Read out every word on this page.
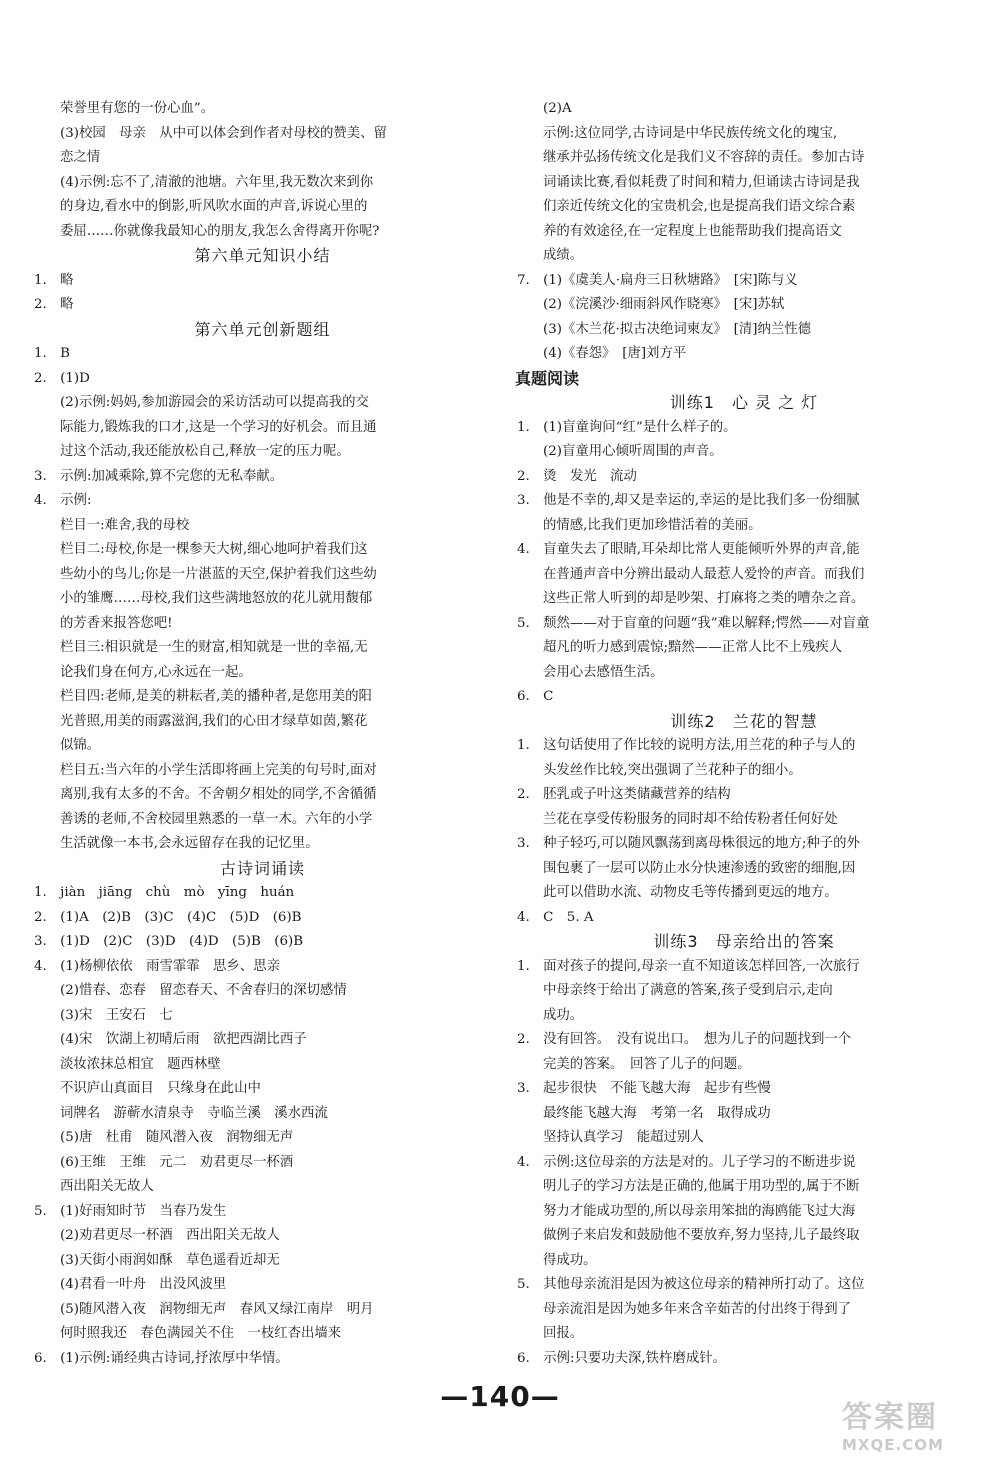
荣誉里有您的一份心血”。
(3)校园　母亲　从中可以体会到作者对母校的赞美、留
恋之情
(4)示例:忘不了,清澈的池塘。六年里,我无数次来到你
的身边,看水中的倒影,听风吹水面的声音,诉说心里的
委屈……你就像我最知心的朋友,我怎么舍得离开你呢?
第六单元知识小结
1.　略
2.　略
第六单元创新题组
1.　B
2.　(1)D
(2)示例:妈妈,参加游园会的采访活动可以提高我的交
际能力,锻炼我的口才,这是一个学习的好机会。而且通
过这个活动,我还能放松自己,释放一定的压力呢。
3.　示例:加减乘除,算不完您的无私奉献。
4.　示例:
栏目一:难舍,我的母校
栏目二:母校,你是一棵参天大树,细心地呵护着我们这
些幼小的鸟儿;你是一片湛蓝的天空,保护着我们这些幼
小的雏鹰……母校,我们这些满地怒放的花儿就用馥郁
的芳香来报答您吧!
栏目三:相识就是一生的财富,相知就是一世的幸福,无
论我们身在何方,心永远在一起。
栏目四:老师,是美的耕耘者,美的播种者,是您用美的阳
光普照,用美的雨露滋润,我们的心田才绿草如茵,繁花
似锦。
栏目五:当六年的小学生活即将画上完美的句号时,面对
离别,我有太多的不舍。不舍朝夕相处的同学,不舍循循
善诱的老师,不舍校园里熟悉的一草一木。六年的小学
生活就像一本书,会永远留存在我的记忆里。
古诗词诵读
1.　jiàn　jiāng　chù　mò　yīng　huán
2.　(1)A　(2)B　(3)C　(4)C　(5)D　(6)B
3.　(1)D　(2)C　(3)D　(4)D　(5)B　(6)B
4.　(1)杨柳依依　雨雪霏霏　思乡、思亲
(2)惜春、恋春　留恋春天、不舍春归的深切感情
(3)宋　王安石　七
(4)宋　饮湖上初晴后雨　欲把西湖比西子
淡妆浓抹总相宜　题西林壁
不识庐山真面目　只缘身在此山中
词牌名　游蕲水清泉寺　寺临兰溪　溪水西流
(5)唐　杜甫　随风潜入夜　润物细无声
(6)王维　王维　元二　劝君更尽一杯酒
西出阳关无故人
5.　(1)好雨知时节　当春乃发生
(2)劝君更尽一杯酒　西出阳关无故人
(3)天街小雨润如酥　草色遥看近却无
(4)君看一叶舟　出没风波里
(5)随风潜入夜　润物细无声　春风又绿江南岸　明月
何时照我还　春色满园关不住　一枝红杏出墙来
6.　(1)示例:诵经典古诗词,抒浓厚中华情。
(2)A
示例:这位同学,古诗词是中华民族传统文化的瑰宝,
继承并弘扬传统文化是我们义不容辞的责任。参加古诗
词诵读比赛,看似耗费了时间和精力,但诵读古诗词是我
们亲近传统文化的宝贵机会,也是提高我们语文综合素
养的有效途径,在一定程度上也能帮助我们提高语文
成绩。
7.　(1)《虞美人·扁舟三日秋塘路》　[宋]陈与义
(2)《浣溪沙·细雨斜风作晓寒》　[宋]苏轼
(3)《木兰花·拟古决绝词柬友》　[清]纳兰性德
(4)《春怨》　[唐]刘方平
真题阅读
训练1　心 灵 之 灯
1.　(1)盲童询问“红”是什么样子的。
(2)盲童用心倾听周围的声音。
2.　烫　发光　流动
3.　他是不幸的,却又是幸运的,幸运的是比我们多一份细腻
的情感,比我们更加珍惜活着的美丽。
4.　盲童失去了眼睛,耳朵却比常人更能倾听外界的声音,能
在普通声音中分辨出最动人最惹人爱怜的声音。而我们
这些正常人听到的却是吵架、打麻将之类的嘈杂之音。
5.　颓然——对于盲童的问题“我”难以解释;愕然——对盲童
超凡的听力感到震惊;黯然——正常人比不上残疾人
会用心去感悟生活。
6.　C
训练2　兰花的智慧
1.　这句话使用了作比较的说明方法,用兰花的种子与人的
头发丝作比较,突出强调了兰花种子的细小。
2.　胚乳或子叶这类储藏营养的结构
兰花在享受传粉服务的同时却不给传粉者任何好处
3.　种子轻巧,可以随风飘荡到离母株很远的地方;种子的外
围包裹了一层可以防止水分快速渗透的致密的细胞,因
此可以借助水流、动物皮毛等传播到更远的地方。
4.　C　5. A
训练3　母亲给出的答案
1.　面对孩子的提问,母亲一直不知道该怎样回答,一次旅行
中母亲终于给出了满意的答案,孩子受到启示,走向
成功。
2.　没有回答。　没有说出口。　想为儿子的问题找到一个
完美的答案。　回答了儿子的问题。
3.　起步很快　不能飞越大海　起步有些慢
最终能飞越大海　考第一名　取得成功
坚持认真学习　能超过别人
4.　示例:这位母亲的方法是对的。儿子学习的不断进步说
明儿子的学习方法是正确的,他属于用功型的,属于不断
努力才能成功型的,所以母亲用笨拙的海鸥能飞过大海
做例子来启发和鼓励他不要放弃,努力坚持,儿子最终取
得成功。
5.　其他母亲流泪是因为被这位母亲的精神所打动了。这位
母亲流泪是因为她多年来含辛茹苦的付出终于得到了
回报。
6.　示例:只要功夫深,铁杵磨成针。
—140—
答案圈
MXQE.COM
